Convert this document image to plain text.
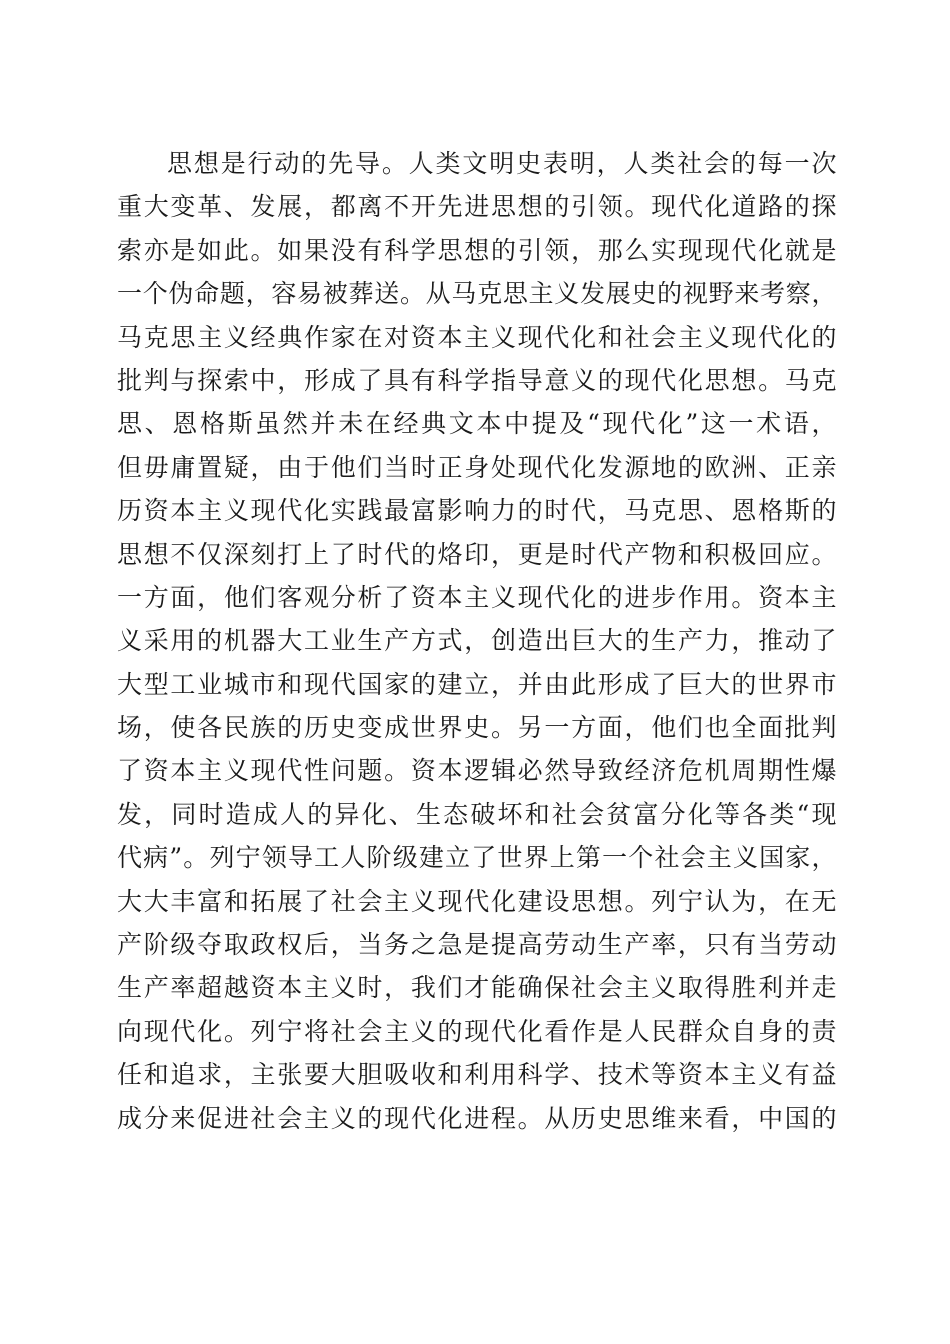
思想是行动的先导。人类文明史表明，人类社会的每一次
重大变革、发展，都离不开先进思想的引领。现代化道路的探
索亦是如此。如果没有科学思想的引领，那么实现现代化就是
一个伪命题，容易被葬送。从马克思主义发展史的视野来考察，
马克思主义经典作家在对资本主义现代化和社会主义现代化的
批判与探索中，形成了具有科学指导意义的现代化思想。马克
思、恩格斯虽然并未在经典文本中提及“现代化”这一术语，
但毋庸置疑，由于他们当时正身处现代化发源地的欧洲、正亲
历资本主义现代化实践最富影响力的时代，马克思、恩格斯的
思想不仅深刻打上了时代的烙印，更是时代产物和积极回应。
一方面，他们客观分析了资本主义现代化的进步作用。资本主
义采用的机器大工业生产方式，创造出巨大的生产力，推动了
大型工业城市和现代国家的建立，并由此形成了巨大的世界市
场，使各民族的历史变成世界史。另一方面，他们也全面批判
了资本主义现代性问题。资本逻辑必然导致经济危机周期性爆
发，同时造成人的异化、生态破坏和社会贫富分化等各类“现
代病”。列宁领导工人阶级建立了世界上第一个社会主义国家，
大大丰富和拓展了社会主义现代化建设思想。列宁认为，在无
产阶级夺取政权后，当务之急是提高劳动生产率，只有当劳动
生产率超越资本主义时，我们才能确保社会主义取得胜利并走
向现代化。列宁将社会主义的现代化看作是人民群众自身的责
任和追求，主张要大胆吸收和利用科学、技术等资本主义有益
成分来促进社会主义的现代化进程。从历史思维来看，中国的
